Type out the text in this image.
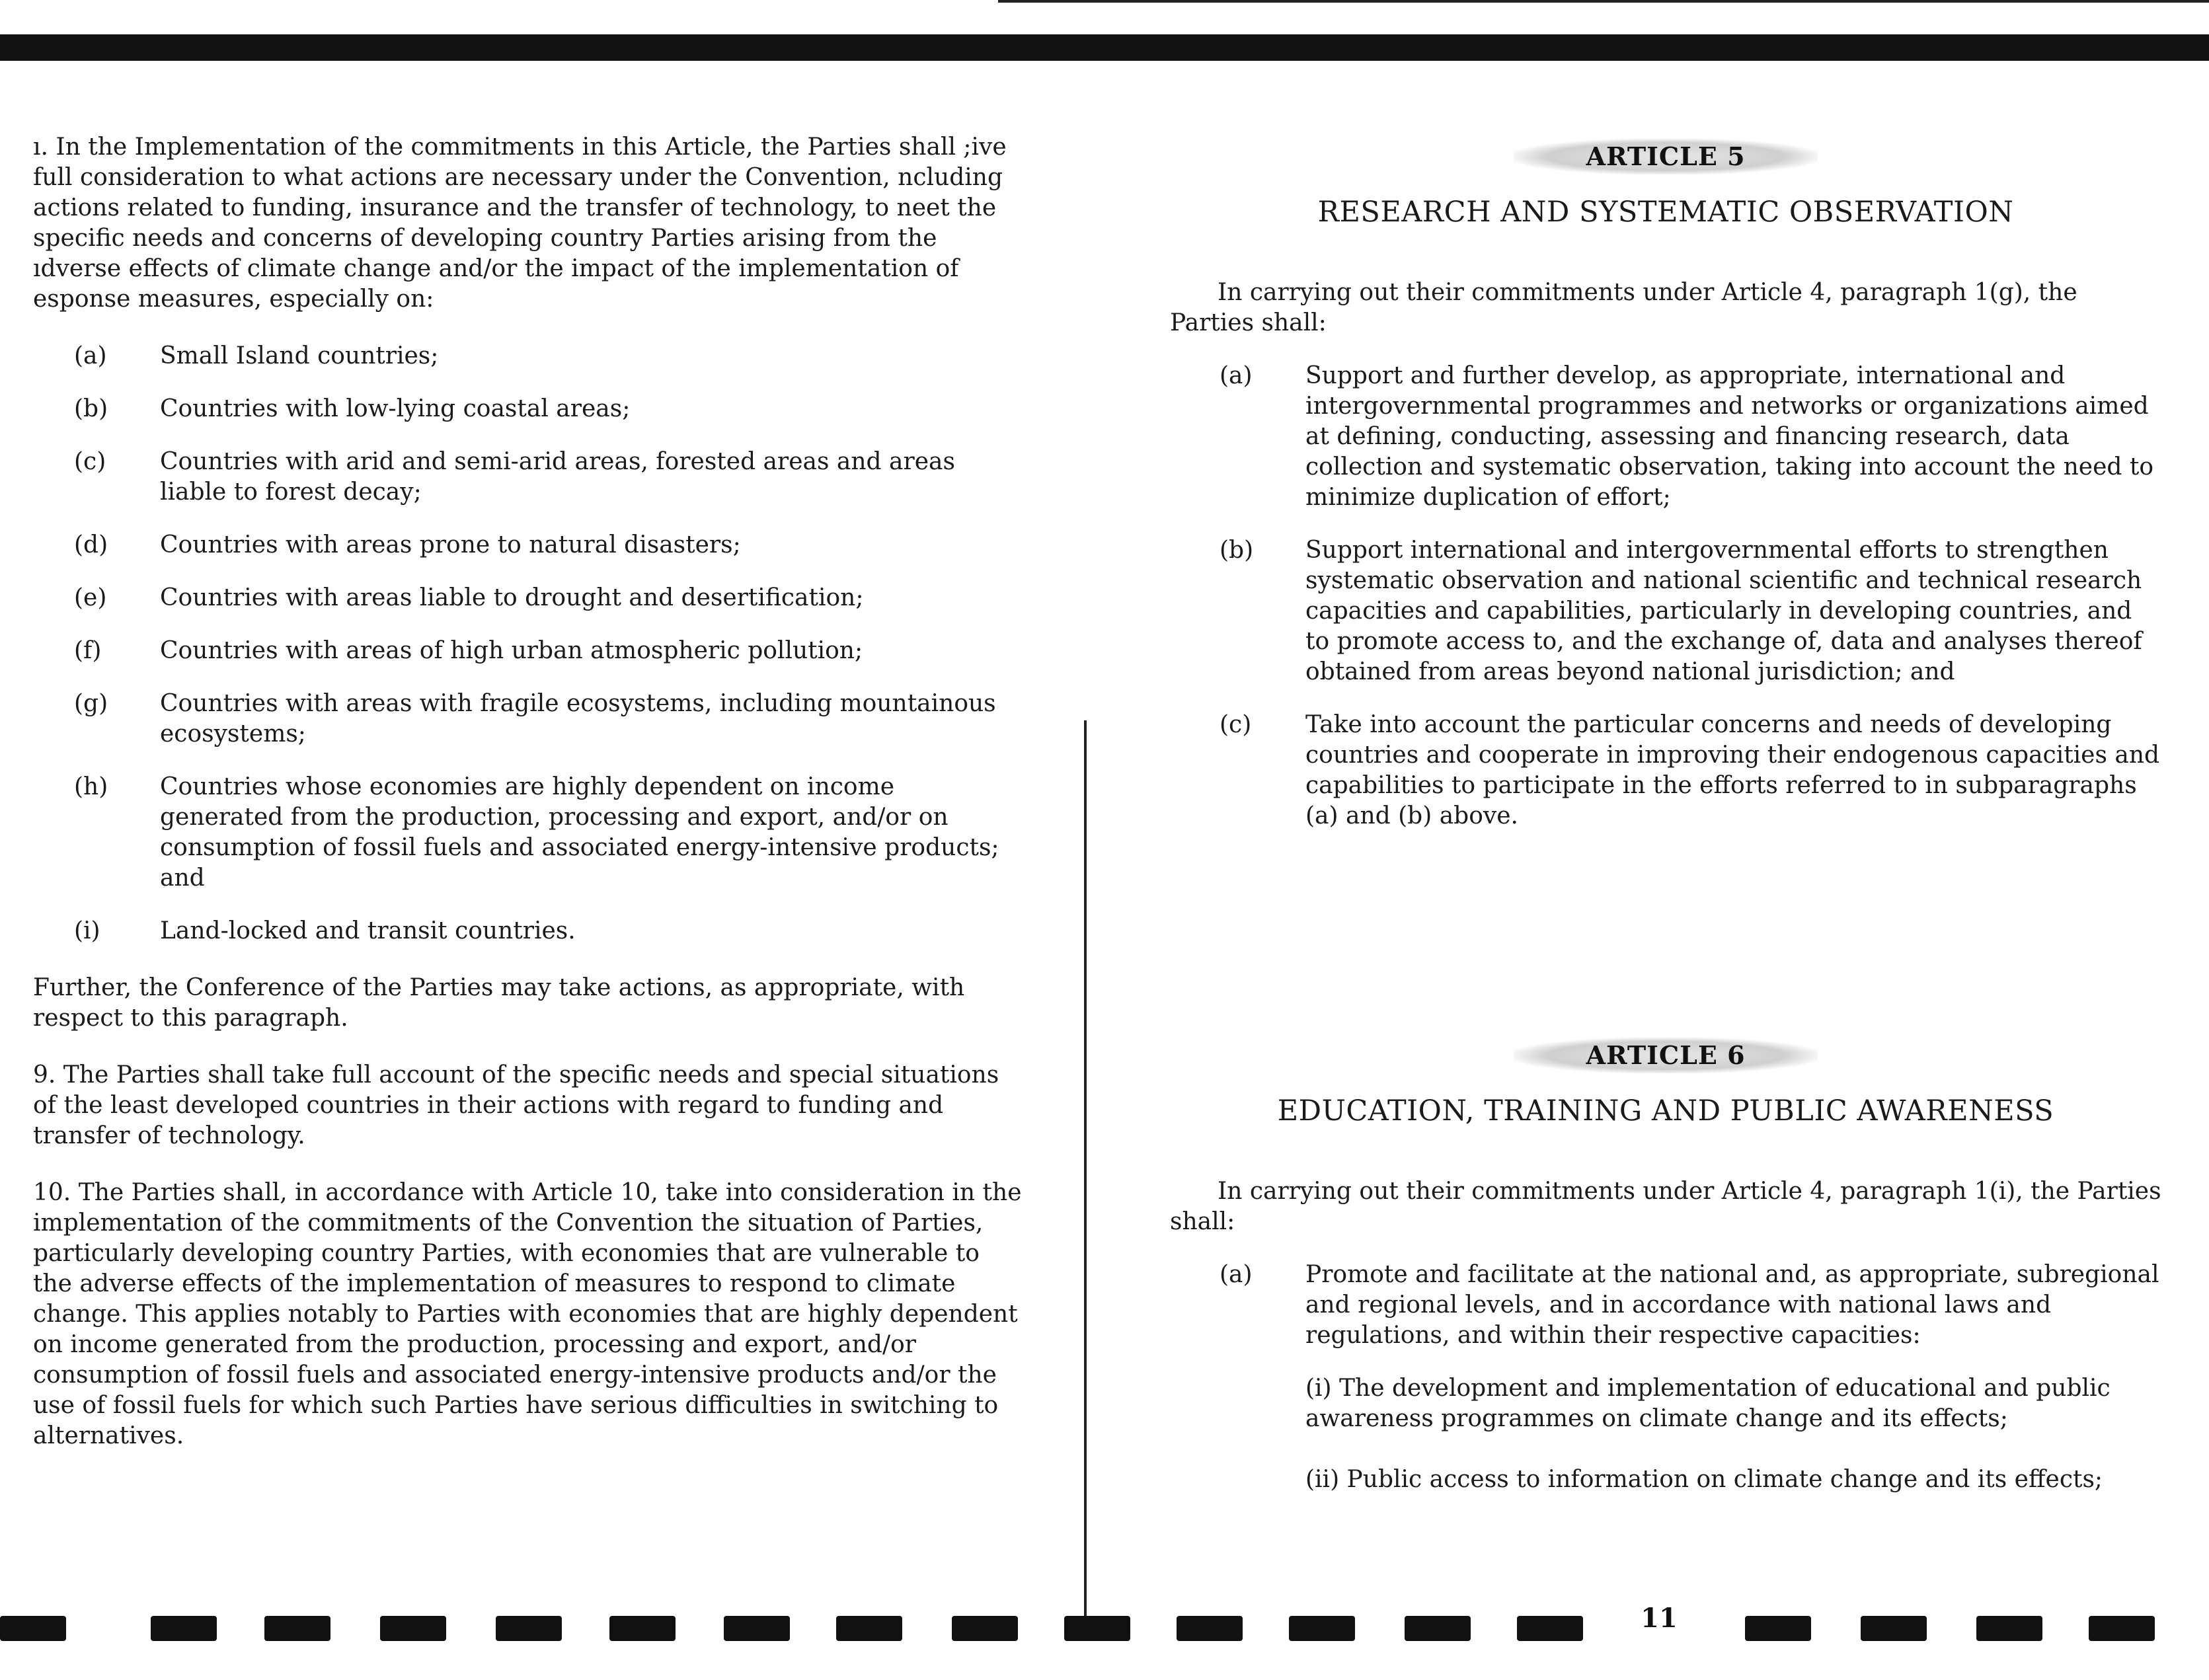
ı. In the Implementation of the commitments in this Article, the Parties shall ;ive full consideration to what actions are necessary under the Convention, ncluding actions related to funding, insurance and the transfer of technology, to neet the specific needs and concerns of developing country Parties arising from the ıdverse effects of climate change and/or the impact of the implementation of esponse measures, especially on:

(a)	Small Island countries;
(b)	Countries with low-lying coastal areas;
(c)	Countries with arid and semi-arid areas, forested areas and areas liable to forest decay;
(d)	Countries with areas prone to natural disasters;
(e)	Countries with areas liable to drought and desertification;
(f)	Countries with areas of high urban atmospheric pollution;
(g)	Countries with areas with fragile ecosystems, including mountainous ecosystems;
(h)	Countries whose economies are highly dependent on income generated from the production, processing and export, and/or on consumption of fossil fuels and associated energy-intensive products; and
(i)	Land-locked and transit countries.

Further, the Conference of the Parties may take actions, as appropriate, with respect to this paragraph.

9. The Parties shall take full account of the specific needs and special situations of the least developed countries in their actions with regard to funding and transfer of technology.

10. The Parties shall, in accordance with Article 10, take into consideration in the implementation of the commitments of the Convention the situation of Parties, particularly developing country Parties, with economies that are vulnerable to the adverse effects of the implementation of measures to respond to climate change. This applies notably to Parties with economies that are highly dependent on income generated from the production, processing and export, and/or consumption of fossil fuels and associated energy-intensive products and/or the use of fossil fuels for which such Parties have serious difficulties in switching to alternatives.

ARTICLE 5
RESEARCH AND SYSTEMATIC OBSERVATION

In carrying out their commitments under Article 4, paragraph 1(g), the Parties shall:

(a)	Support and further develop, as appropriate, international and intergovernmental programmes and networks or organizations aimed at defining, conducting, assessing and financing research, data collection and systematic observation, taking into account the need to minimize duplication of effort;
(b)	Support international and intergovernmental efforts to strengthen systematic observation and national scientific and technical research capacities and capabilities, particularly in developing countries, and to promote access to, and the exchange of, data and analyses thereof obtained from areas beyond national jurisdiction; and
(c)	Take into account the particular concerns and needs of developing countries and cooperate in improving their endogenous capacities and capabilities to participate in the efforts referred to in subparagraphs (a) and (b) above.
ARTICLE 6
EDUCATION, TRAINING AND PUBLIC AWARENESS

In carrying out their commitments under Article 4, paragraph 1(i), the Parties shall:

(a)	Promote and facilitate at the national and, as appropriate, subregional and regional levels, and in accordance with national laws and regulations, and within their respective capacities:
(i) The development and implementation of educational and public awareness programmes on climate change and its effects;
(ii) Public access to information on climate change and its effects;
11
